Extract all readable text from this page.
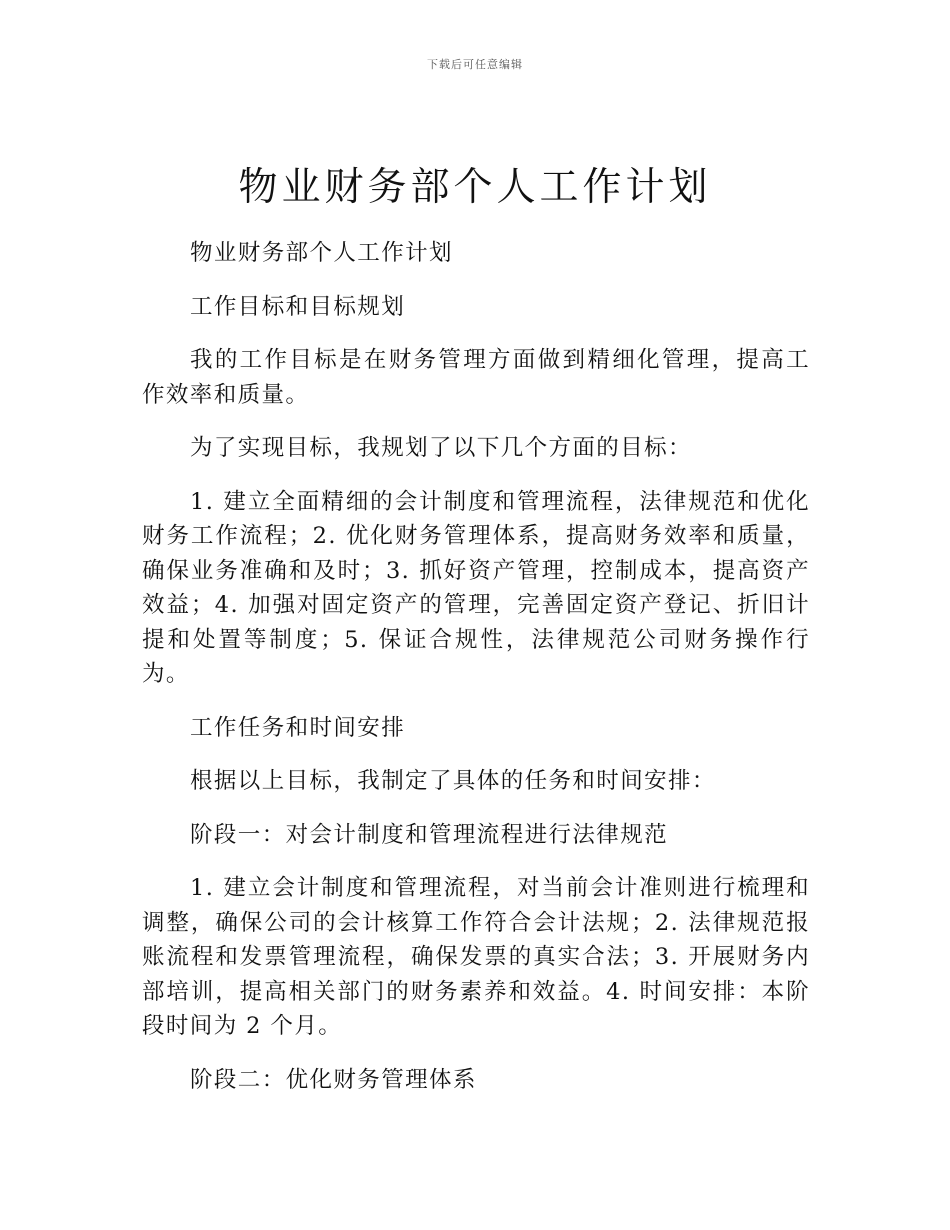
下载后可任意编辑
物业财务部个人工作计划

物业财务部个人工作计划

工作目标和目标规划

我的工作目标是在财务管理方面做到精细化管理，提高工作效率和质量。

为了实现目标，我规划了以下几个方面的目标：

1. 建立全面精细的会计制度和管理流程，法律规范和优化财务工作流程；2. 优化财务管理体系，提高财务效率和质量，确保业务准确和及时；3. 抓好资产管理，控制成本，提高资产效益；4. 加强对固定资产的管理，完善固定资产登记、折旧计提和处置等制度；5. 保证合规性，法律规范公司财务操作行为。

工作任务和时间安排

根据以上目标，我制定了具体的任务和时间安排：

阶段一：对会计制度和管理流程进行法律规范

1. 建立会计制度和管理流程，对当前会计准则进行梳理和调整，确保公司的会计核算工作符合会计法规；2. 法律规范报账流程和发票管理流程，确保发票的真实合法；3. 开展财务内部培训，提高相关部门的财务素养和效益。4. 时间安排：本阶段时间为 2 个月。

阶段二：优化财务管理体系
